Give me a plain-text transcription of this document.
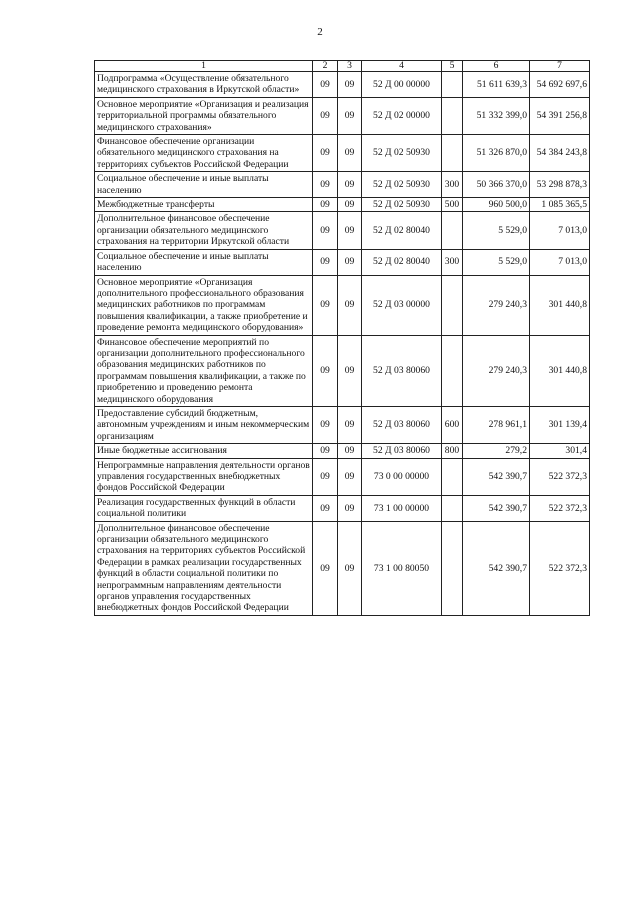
2
1	2	3	4	5	6	7
Подпрограмма «Осуществление обязательного медицинского страхования в Иркутской области»	09	09	52 Д 00 00000		51 611 639,3	54 692 697,6
Основное мероприятие «Организация и реализация территориальной программы обязательного медицинского страхования»	09	09	52 Д 02 00000		51 332 399,0	54 391 256,8
Финансовое обеспечение организации обязательного медицинского страхования на территориях субъектов Российской Федерации	09	09	52 Д 02 50930		51 326 870,0	54 384 243,8
Социальное обеспечение и иные выплаты населению	09	09	52 Д 02 50930	300	50 366 370,0	53 298 878,3
Межбюджетные трансферты	09	09	52 Д 02 50930	500	960 500,0	1 085 365,5
Дополнительное финансовое обеспечение организации обязательного медицинского страхования на территории Иркутской области	09	09	52 Д 02 80040		5 529,0	7 013,0
Социальное обеспечение и иные выплаты населению	09	09	52 Д 02 80040	300	5 529,0	7 013,0
Основное мероприятие «Организация дополнительного профессионального образования медицинских работников по программам повышения квалификации, а также приобретение и проведение ремонта медицинского оборудования»	09	09	52 Д 03 00000		279 240,3	301 440,8
Финансовое обеспечение мероприятий по организации дополнительного профессионального образования медицинских работников по программам повышения квалификации, а также по приобретению и проведению ремонта медицинского оборудования	09	09	52 Д 03 80060		279 240,3	301 440,8
Предоставление субсидий бюджетным, автономным учреждениям и иным некоммерческим организациям	09	09	52 Д 03 80060	600	278 961,1	301 139,4
Иные бюджетные ассигнования	09	09	52 Д 03 80060	800	279,2	301,4
Непрограммные направления деятельности органов управления государственных внебюджетных фондов Российской Федерации	09	09	73 0 00 00000		542 390,7	522 372,3
Реализация государственных функций в области социальной политики	09	09	73 1 00 00000		542 390,7	522 372,3
Дополнительное финансовое обеспечение организации обязательного медицинского страхования на территориях субъектов Российской Федерации в рамках реализации государственных функций в области социальной политики по непрограммным направлениям деятельности органов управления государственных внебюджетных фондов Российской Федерации	09	09	73 1 00 80050		542 390,7	522 372,3
